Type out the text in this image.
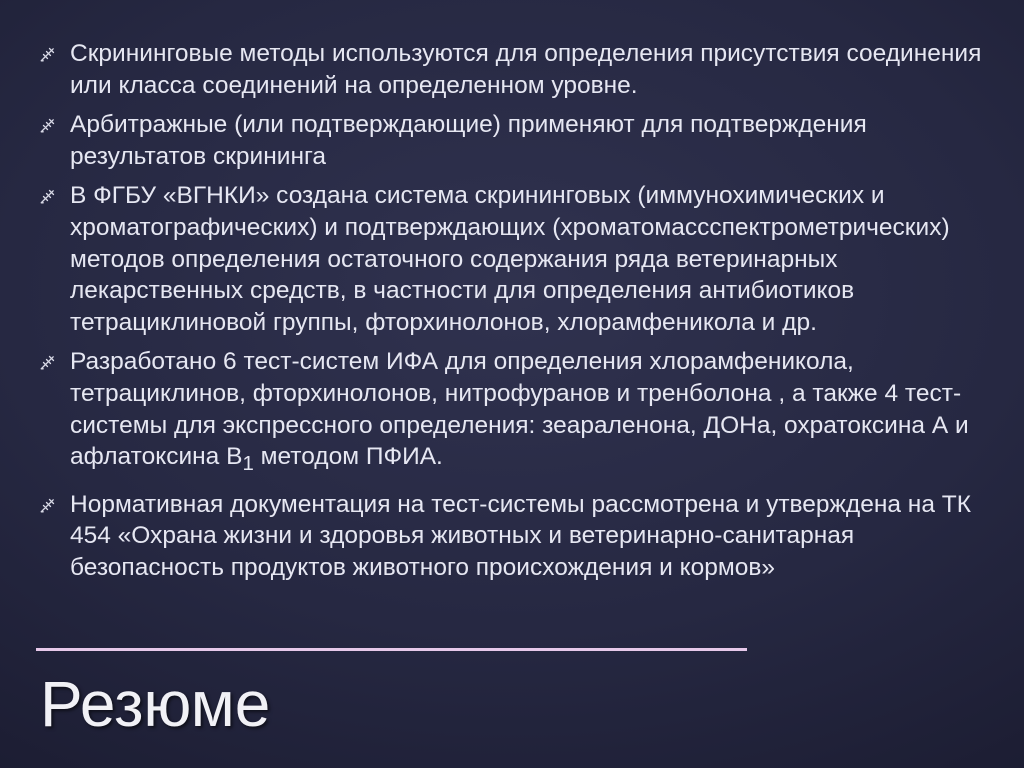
Скрининговые методы используются для определения присутствия соединения или класса соединений на определенном уровне.
Арбитражные (или подтверждающие) применяют для подтверждения результатов скрининга
В ФГБУ «ВГНКИ» создана система скрининговых (иммунохимических и хроматографических) и подтверждающих (хроматомассспектрометрических) методов определения остаточного содержания ряда ветеринарных лекарственных средств, в частности для определения антибиотиков тетрациклиновой группы, фторхинолонов, хлорамфеникола и др.
Разработано 6 тест-систем ИФА для определения хлорамфеникола, тетрациклинов, фторхинолонов, нитрофуранов и тренболона , а также 4 тест-системы для экспрессного определения: зеараленона, ДОНа, охратоксина А и афлатоксина $В_1$ методом ПФИА.
Нормативная документация на тест-системы рассмотрена и утверждена на ТК 454 «Охрана жизни и здоровья животных и ветеринарно-санитарная безопасность продуктов животного происхождения и кормов»
Резюме
